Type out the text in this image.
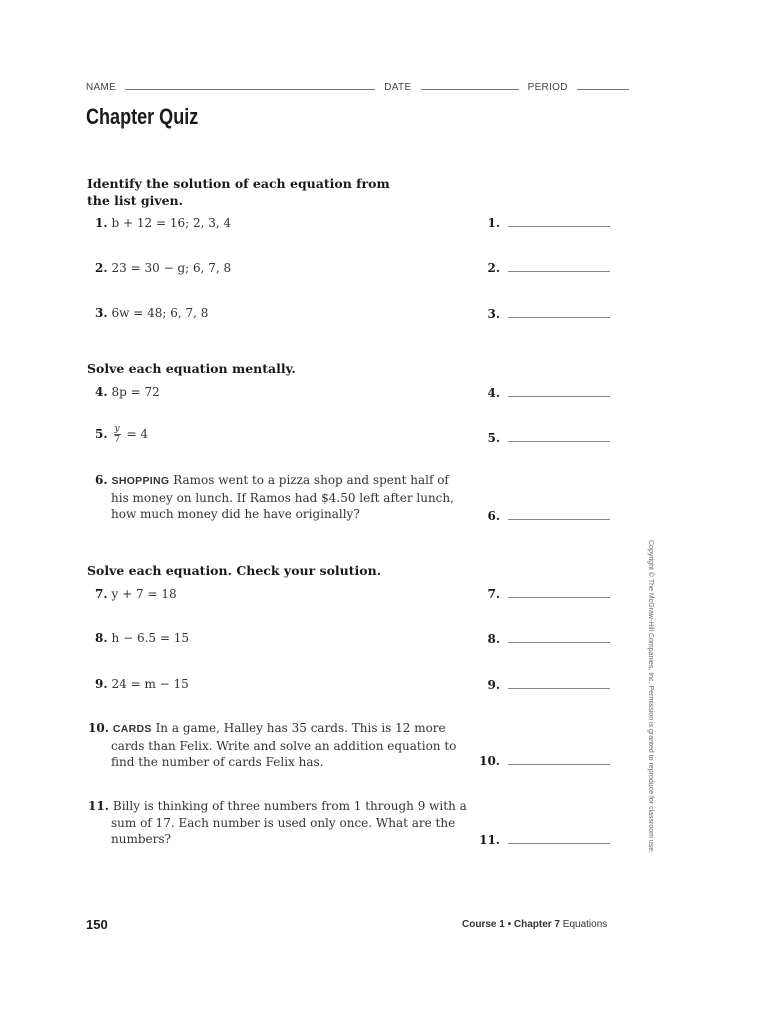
NAME	DATE	PERIOD
Chapter Quiz
Identify the solution of each equation from
the list given.
1. b + 12 = 16; 2, 3, 4	1.
2. 23 = 30 − g; 6, 7, 8	2.
3. 6w = 48; 6, 7, 8	3.
Solve each equation mentally.
4. 8p = 72	4.
5. $\frac{y}{7} = 4$	5.
6. SHOPPING Ramos went to a pizza shop and spent half of
his money on lunch. If Ramos had $4.50 left after lunch,
how much money did he have originally?	6.
Solve each equation. Check your solution.
7. y + 7 = 18	7.
8. h − 6.5 = 15	8.
9. 24 = m − 15	9.
10. CARDS In a game, Halley has 35 cards. This is 12 more
cards than Felix. Write and solve an addition equation to
find the number of cards Felix has.	10.
11. Billy is thinking of three numbers from 1 through 9 with a
sum of 17. Each number is used only once. What are the
numbers?	11.	Copyright © The McGraw-Hill Companies, Inc. Permission is granted to reproduce for classroom use.
150	Course 1 • Chapter 7 Equations
